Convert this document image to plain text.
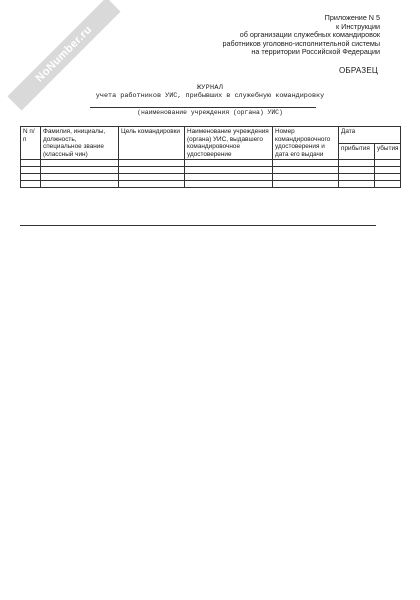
NoNumber.ru
Приложение N 5
к Инструкции
об организации служебных командировок
работников уголовно-исполнительной системы
на территории Российской Федерации
ОБРАЗЕЦ
ЖУРНАЛ
учета работников УИС, прибывших в служебную командировку
(наименование учреждения (органа) УИС)
N п/п	Фамилия, инициалы, должность, специальное звание (классный чин)	Цель командировки	Наименование учреждения (органа) УИС, выдавшего командировочное удостоверение	Номер командировочного удостоверения и дата его выдачи	Дата	
					прибытия	убытия
